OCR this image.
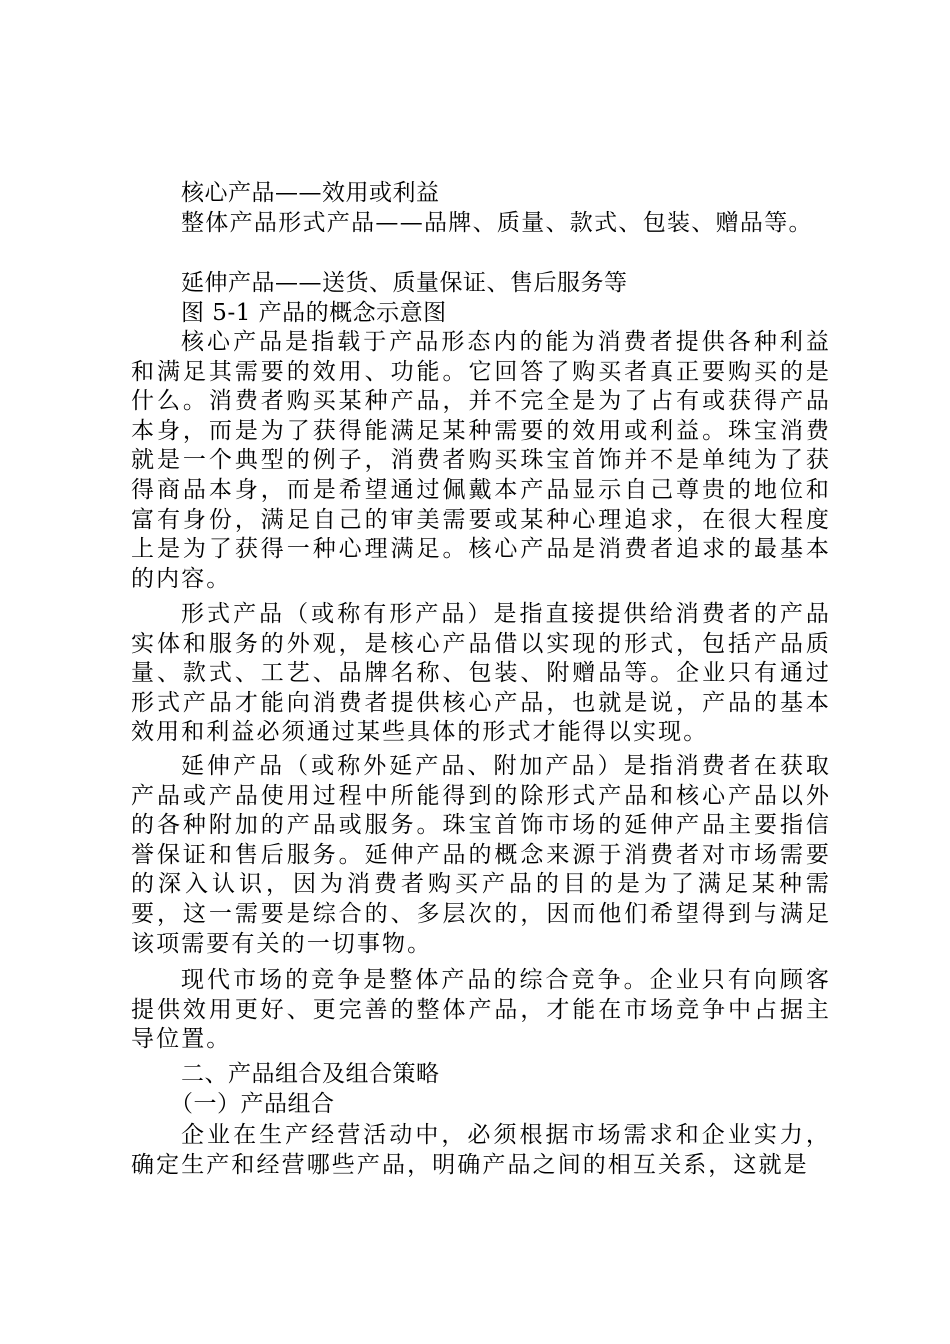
核心产品——效用或利益
整体产品形式产品——品牌、质量、款式、包装、赠品等。
延伸产品——送货、质量保证、售后服务等
图 5-1 产品的概念示意图

核心产品是指载于产品形态内的能为消费者提供各种利益和满足其需要的效用、功能。它回答了购买者真正要购买的是什么。消费者购买某种产品，并不完全是为了占有或获得产品本身，而是为了获得能满足某种需要的效用或利益。珠宝消费就是一个典型的例子，消费者购买珠宝首饰并不是单纯为了获得商品本身，而是希望通过佩戴本产品显示自己尊贵的地位和富有身份，满足自己的审美需要或某种心理追求，在很大程度上是为了获得一种心理满足。核心产品是消费者追求的最基本的内容。

形式产品（或称有形产品）是指直接提供给消费者的产品实体和服务的外观，是核心产品借以实现的形式，包括产品质量、款式、工艺、品牌名称、包装、附赠品等。企业只有通过形式产品才能向消费者提供核心产品，也就是说，产品的基本效用和利益必须通过某些具体的形式才能得以实现。

延伸产品（或称外延产品、附加产品）是指消费者在获取产品或产品使用过程中所能得到的除形式产品和核心产品以外的各种附加的产品或服务。珠宝首饰市场的延伸产品主要指信誉保证和售后服务。延伸产品的概念来源于消费者对市场需要的深入认识，因为消费者购买产品的目的是为了满足某种需要，这一需要是综合的、多层次的，因而他们希望得到与满足该项需要有关的一切事物。

现代市场的竞争是整体产品的综合竞争。企业只有向顾客提供效用更好、更完善的整体产品，才能在市场竞争中占据主导位置。

二、产品组合及组合策略
（一）产品组合

企业在生产经营活动中，必须根据市场需求和企业实力，确定生产和经营哪些产品，明确产品之间的相互关系，这就是
